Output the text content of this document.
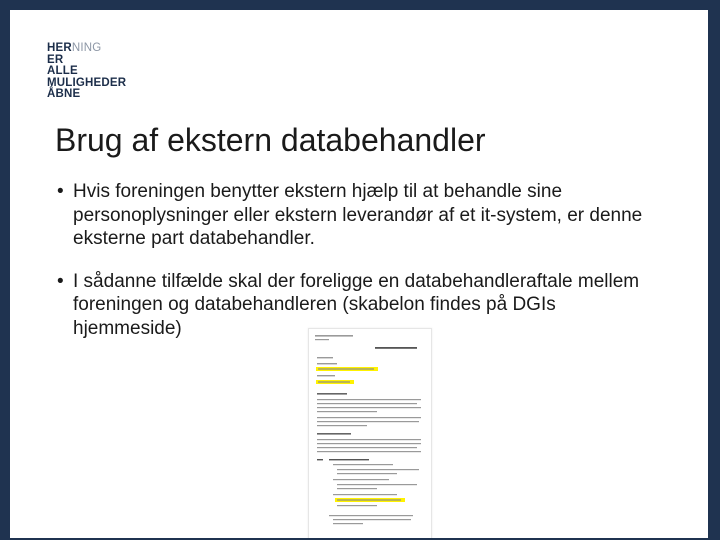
HERNING
ER
ALLE
MULIGHEDER
ÅBNE
Brug af ekstern databehandler
• Hvis foreningen benytter ekstern hjælp til at behandle sine personoplysninger eller ekstern leverandør af et it-system, er denne eksterne part databehandler.
• I sådanne tilfælde skal der foreligge en databehandleraftale mellem foreningen og databehandleren (skabelon findes på DGIs hjemmeside)
